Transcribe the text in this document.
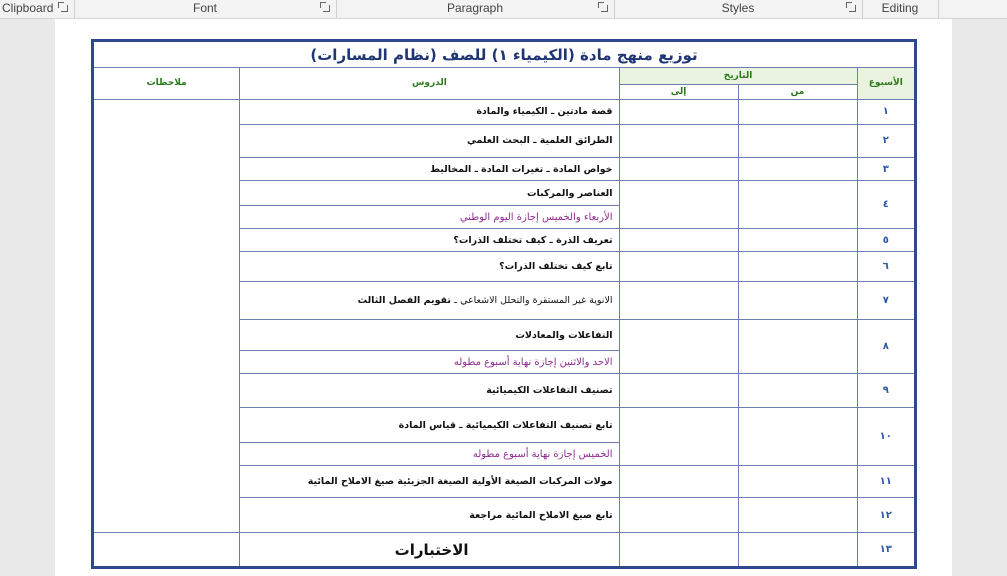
Clipboard	Font	Paragraph	Styles	Editing
توزيع منهج مادة (الكيمياء ١) للصف (نظام المسارات)				
الأسبوع	التاريخ		الدروس	ملاحظات
	من	إلى		
١			قصة مادتين ـ الكيمياء والمادة	
٢			الطرائق العلمية ـ البحث العلمي	
٣			خواص المادة ـ تغيرات المادة ـ المخاليط	
٤			العناصر والمركبات	
			الأربعاء والخميس إجازة اليوم الوطني	
٥			تعريف الذرة ـ كيف تختلف الذرات؟	
٦			تابع كيف تختلف الذرات؟	
٧			الانوية غير المستقرة والتحلل الاشعاعي ـ تقويم الفصل الثالث	
٨			التفاعلات والمعادلات	
			الاحد والاثنين إجازة نهاية أسبوع مطوله	
٩			تصنيف التفاعلات الكيميائية	
١٠			تابع تصنيف التفاعلات الكيميائية ـ قياس المادة	
			الخميس إجازة نهاية أسبوع مطوله	
١١			مولات المركبات الصيغة الأولية الصيغة الجزيئية صيغ الاملاح المائية	
١٢			تابع صيغ الاملاح المائية مراجعة	
١٣			الاختبارات	
